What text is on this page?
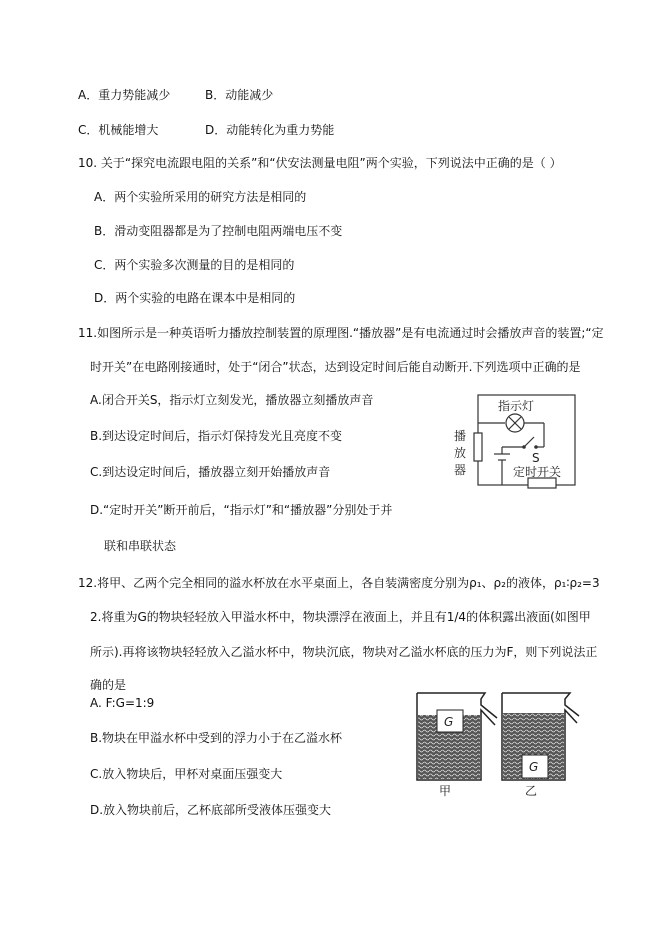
A．重力势能减少	B．动能减少
C．机械能增大	D．动能转化为重力势能
10. 关于“探究电流跟电阻的关系”和“伏安法测量电阻”两个实验，下列说法中正确的是（ ）
A．两个实验所采用的研究方法是相同的
B．滑动变阻器都是为了控制电阻两端电压不变
C．两个实验多次测量的目的是相同的
D．两个实验的电路在课本中是相同的
11.如图所示是一种英语听力播放控制装置的原理图.“播放器”是有电流通过时会播放声音的装置;“定
时开关”在电路刚接通时，处于“闭合”状态，达到设定时间后能自动断开.下列选项中正确的是
A.闭合开关S，指示灯立刻发光，播放器立刻播放声音
B.到达设定时间后，指示灯保持发光且亮度不变
C.到达设定时间后，播放器立刻开始播放声音
D.“定时开关”断开前后，“指示灯”和“播放器”分别处于并
联和串联状态
指示灯
S
定时开关
播
放
器
12.将甲、乙两个完全相同的溢水杯放在水平桌面上，各自装满密度分别为ρ₁、ρ₂的液体，ρ₁∶ρ₂=3
2.将重为G的物块轻轻放入甲溢水杯中，物块漂浮在液面上，并且有1/4的体积露出液面(如图甲
所示).再将该物块轻轻放入乙溢水杯中，物块沉底，物块对乙溢水杯底的压力为F，则下列说法正
确的是
A. F:G=1:9
B.物块在甲溢水杯中受到的浮力小于在乙溢水杯
C.放入物块后，甲杯对桌面压强变大
D.放入物块前后，乙杯底部所受液体压强变大
G
G
甲	乙
